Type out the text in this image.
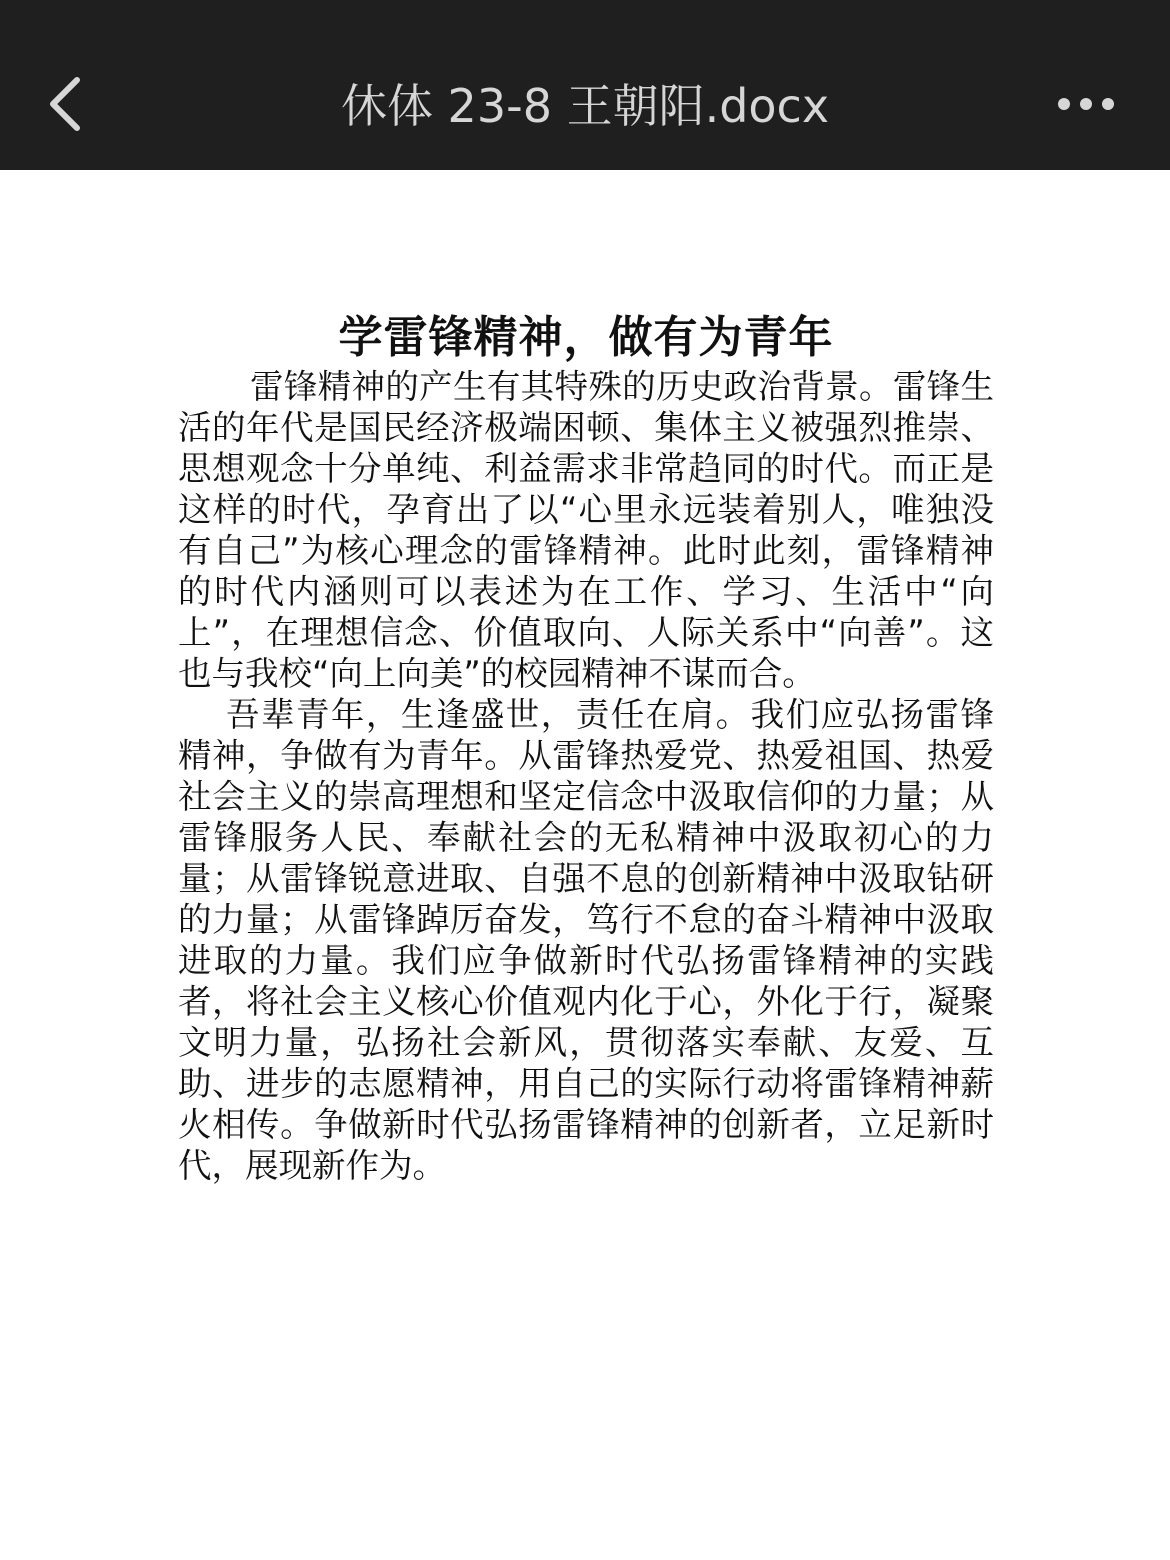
休体 23-8 王朝阳.docx
学雷锋精神，做有为青年

雷锋精神的产生有其特殊的历史政治背景。雷锋生活的年代是国民经济极端困顿、集体主义被强烈推崇、思想观念十分单纯、利益需求非常趋同的时代。而正是这样的时代，孕育出了以“心里永远装着别人，唯独没有自己”为核心理念的雷锋精神。此时此刻，雷锋精神的时代内涵则可以表述为在工作、学习、生活中“向上”，在理想信念、价值取向、人际关系中“向善”。这也与我校“向上向美”的校园精神不谋而合。

吾辈青年，生逢盛世，责任在肩。我们应弘扬雷锋精神，争做有为青年。从雷锋热爱党、热爱祖国、热爱社会主义的崇高理想和坚定信念中汲取信仰的力量；从雷锋服务人民、奉献社会的无私精神中汲取初心的力量；从雷锋锐意进取、自强不息的创新精神中汲取钻研的力量；从雷锋踔厉奋发，笃行不怠的奋斗精神中汲取进取的力量。我们应争做新时代弘扬雷锋精神的实践者，将社会主义核心价值观内化于心，外化于行，凝聚文明力量，弘扬社会新风，贯彻落实奉献、友爱、互助、进步的志愿精神，用自己的实际行动将雷锋精神薪火相传。争做新时代弘扬雷锋精神的创新者，立足新时代，展现新作为。
